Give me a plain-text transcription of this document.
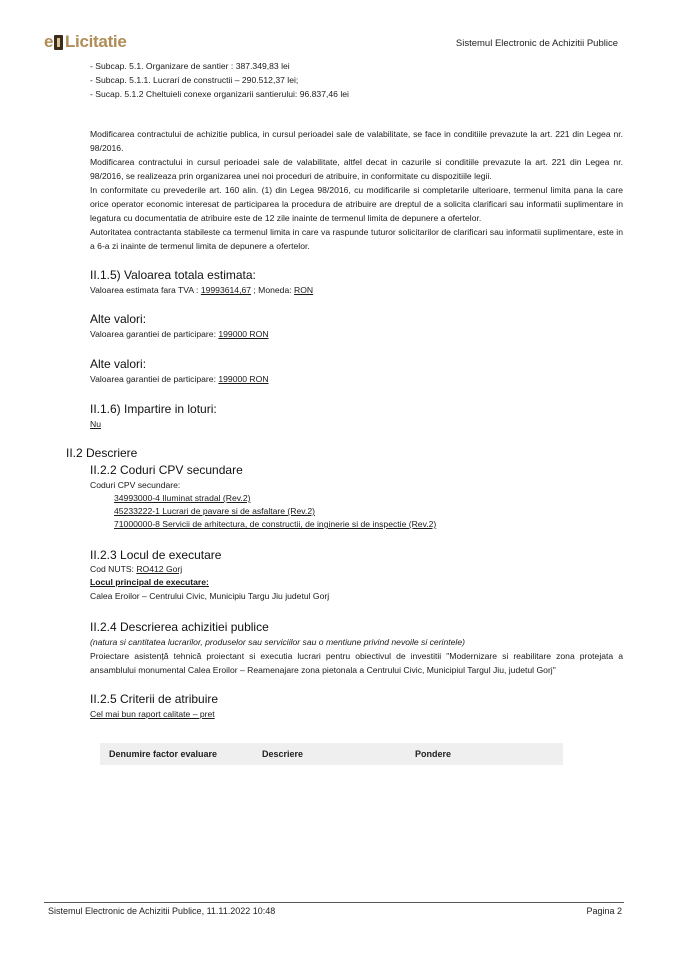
e Licitatie	Sistemul Electronic de Achizitii Publice
- Subcap. 5.1. Organizare de santier : 387.349,83 lei
- Subcap. 5.1.1. Lucrari de constructii – 290.512,37 lei;
- Sucap. 5.1.2 Cheltuieli conexe organizarii santierului: 96.837,46 lei

Modificarea contractului de achizitie publica, in cursul perioadei sale de valabilitate, se face in conditiile prevazute la art. 221 din Legea nr. 98/2016.

Modificarea contractului in cursul perioadei sale de valabilitate, altfel decat in cazurile si conditiile prevazute la art. 221 din Legea nr. 98/2016, se realizeaza prin organizarea unei noi proceduri de atribuire, in conformitate cu dispozitiile legii.

In conformitate cu prevederile art. 160 alin. (1) din Legea 98/2016, cu modificarile si completarile ulterioare, termenul limita pana la care orice operator economic interesat de participarea la procedura de atribuire are dreptul de a solicita clarificari sau informatii suplimentare in legatura cu documentatia de atribuire este de 12 zile inainte de termenul limita de depunere a ofertelor.

Autoritatea contractanta stabileste ca termenul limita in care va raspunde tuturor solicitarilor de clarificari sau informatii suplimentare, este in a 6-a zi inainte de termenul limita de depunere a ofertelor.

II.1.5) Valoarea totala estimata:
Valoarea estimata fara TVA : 19993614,67 ; Moneda: RON
Alte valori:
Valoarea garantiei de participare: 199000 RON
Alte valori:
Valoarea garantiei de participare: 199000 RON
II.1.6) Impartire in loturi:
Nu
II.2 Descriere
II.2.2 Coduri CPV secundare
Coduri CPV secundare:
34993000-4 Iluminat stradal (Rev.2)
45233222-1 Lucrari de pavare si de asfaltare (Rev.2)
71000000-8 Servicii de arhitectura, de constructii, de inginerie si de inspectie (Rev.2)
II.2.3 Locul de executare
Cod NUTS: RO412 Gorj
Locul principal de executare:
Calea Eroilor – Centrului Civic, Municipiu Targu Jiu judetul Gorj
II.2.4 Descrierea achizitiei publice
(natura si cantitatea lucrarilor, produselor sau serviciilor sau o mentiune privind nevoile si cerintele)
Proiectare asistență tehnică proiectant si executia lucrari pentru obiectivul de investitii "Modernizare si reabilitare zona protejata a ansamblului monumental Calea Eroilor – Reamenajare zona pietonala a Centrului Civic, Municipiul Targul Jiu, judetul Gorj"
II.2.5 Criterii de atribuire
Cel mai bun raport calitate – pret
Denumire factor evaluare	Descriere	Pondere
Sistemul Electronic de Achizitii Publice, 11.11.2022 10:48	Pagina 2
